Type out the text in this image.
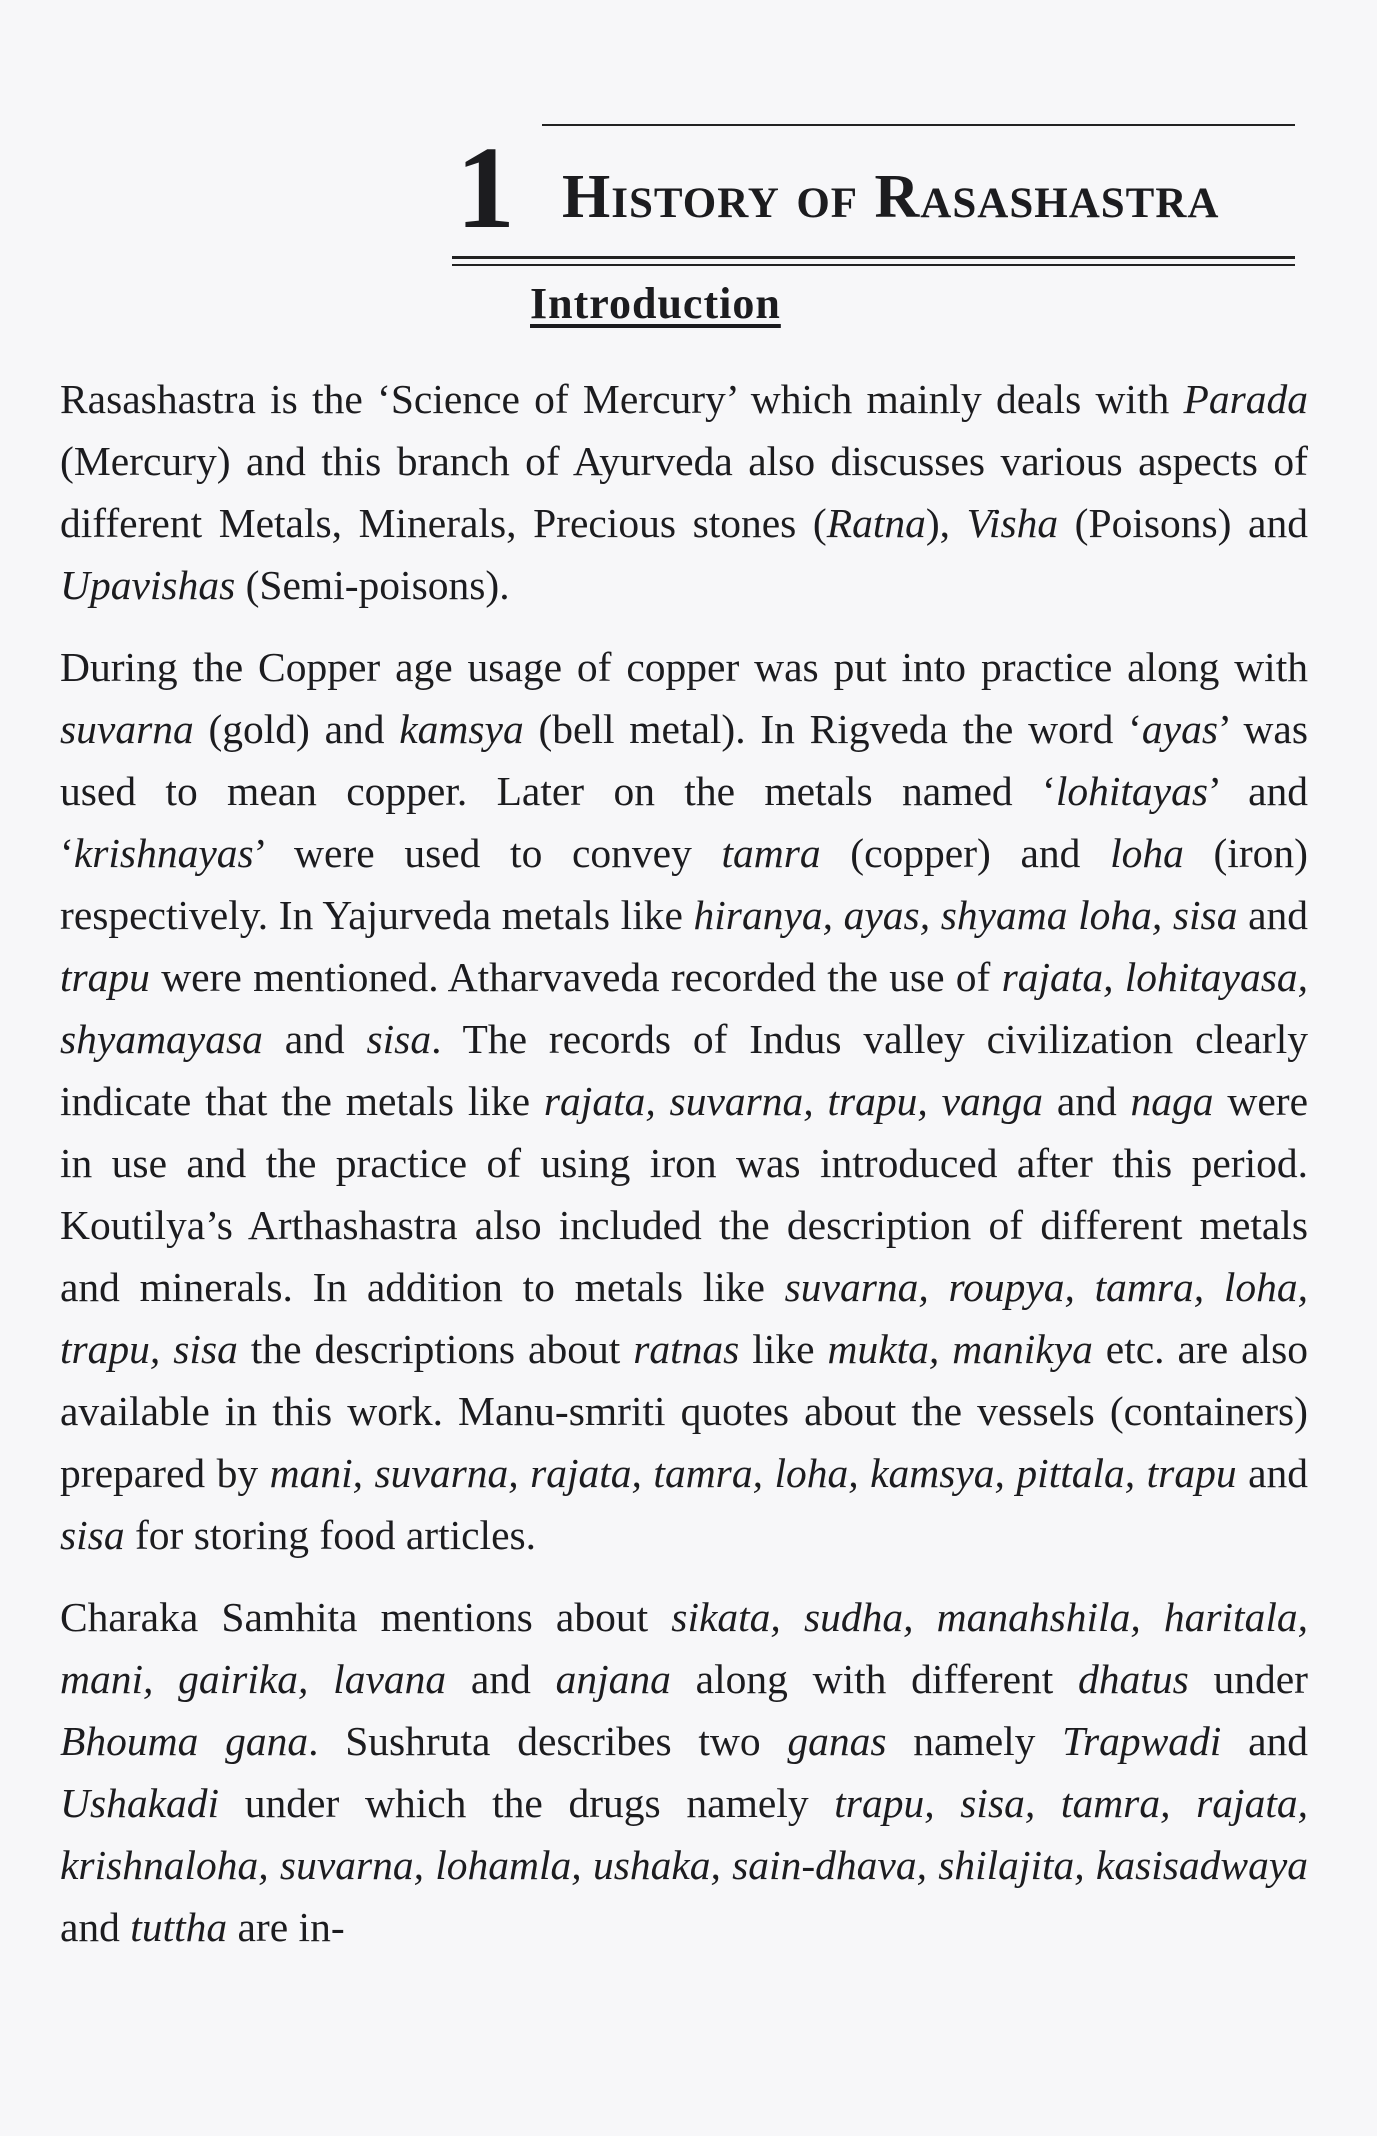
1 History of Rasashastra
Introduction

Rasashastra is the ‘Science of Mercury’ which mainly deals with Parada (Mercury) and this branch of Ayurveda also discusses various aspects of different Metals, Minerals, Precious stones (Ratna), Visha (Poisons) and Upavishas (Semi-poisons).

During the Copper age usage of copper was put into practice along with suvarna (gold) and kamsya (bell metal). In Rigveda the word ‘ayas’ was used to mean copper. Later on the metals named ‘lohitayas’ and ‘krishnayas’ were used to convey tamra (copper) and loha (iron) respectively. In Yajurveda metals like hiranya, ayas, shyama loha, sisa and trapu were mentioned. Atharvaveda recorded the use of rajata, lohitayasa, shyamayasa and sisa. The records of Indus valley civilization clearly indicate that the metals like rajata, suvarna, trapu, vanga and naga were in use and the practice of using iron was introduced after this period. Koutilya’s Arthashastra also included the description of different metals and minerals. In addition to metals like suvarna, roupya, tamra, loha, trapu, sisa the descriptions about ratnas like mukta, manikya etc. are also available in this work. Manu-smriti quotes about the vessels (containers) prepared by mani, suvarna, rajata, tamra, loha, kamsya, pittala, trapu and sisa for storing food articles.

Charaka Samhita mentions about sikata, sudha, manahshila, haritala, mani, gairika, lavana and anjana along with different dhatus under Bhouma gana. Sushruta describes two ganas namely Trapwadi and Ushakadi under which the drugs namely trapu, sisa, tamra, rajata, krishnaloha, suvarna, lohamla, ushaka, sain-dhava, shilajita, kasisadwaya and tuttha are in-
